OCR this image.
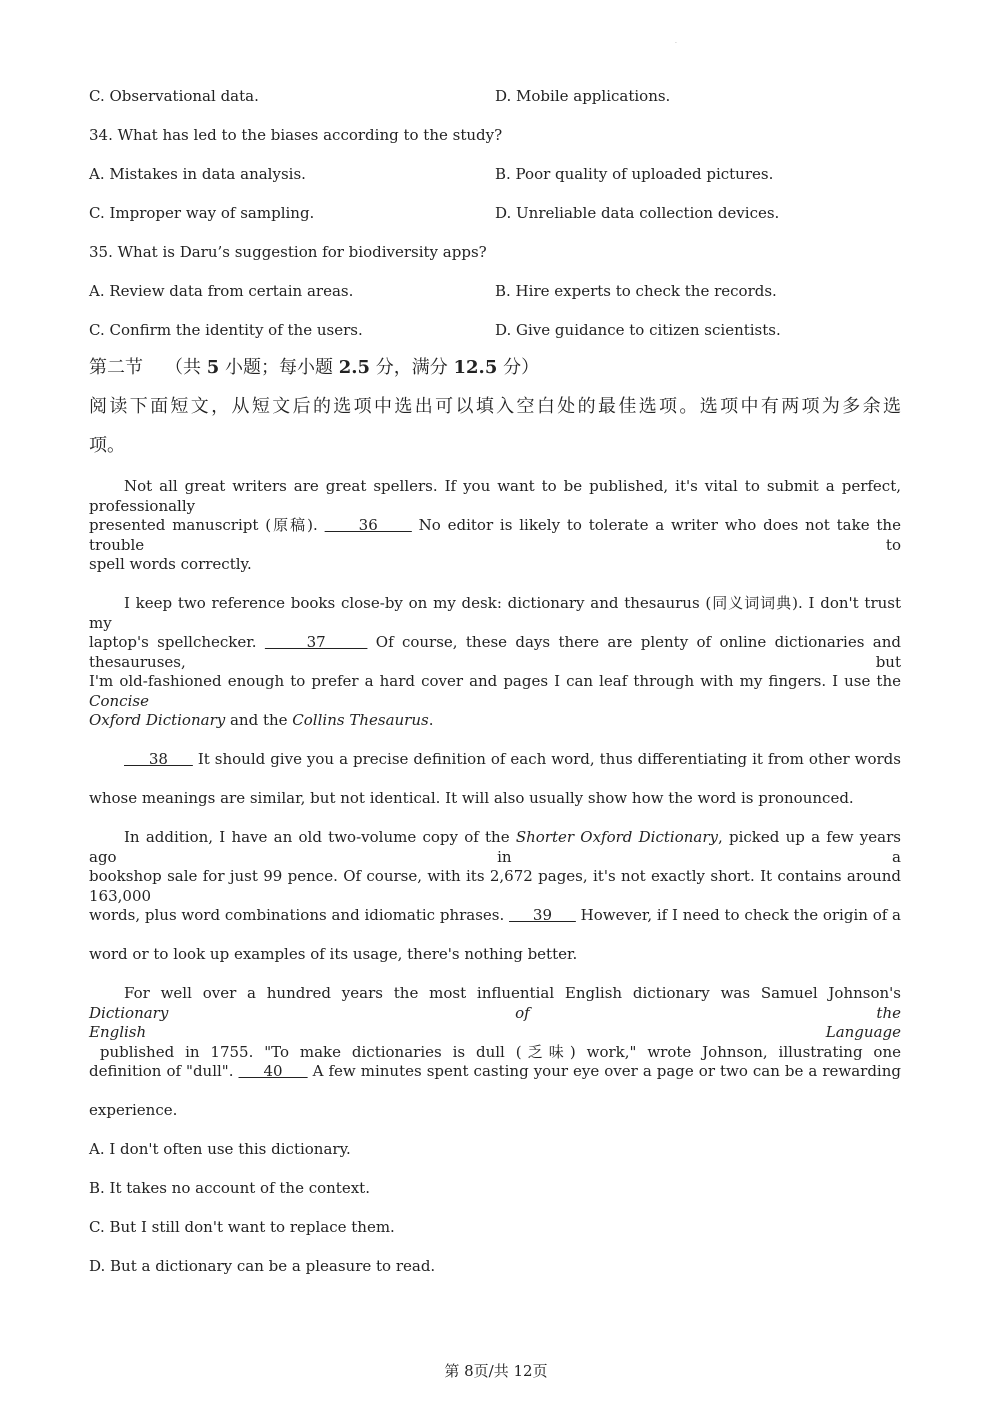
·
C. Observational data.	D. Mobile applications.
34. What has led to the biases according to the study?
A. Mistakes in data analysis.	B. Poor quality of uploaded pictures.
C. Improper way of sampling.	D. Unreliable data collection devices.
35. What is Daru’s suggestion for biodiversity apps?
A. Review data from certain areas.	B. Hire experts to check the records.
C. Confirm the identity of the users.	D. Give guidance to citizen scientists.
第二节 （共 5 小题；每小题 2.5 分，满分 12.5 分）
阅读下面短文，从短文后的选项中选出可以填入空白处的最佳选项。选项中有两项为多余选
项。
Not all great writers are great spellers. If you want to be published, it's vital to submit a perfect, professionally
presented manuscript (原稿).      36      No editor is likely to tolerate a writer who does not take the trouble to
spell words correctly.
I keep two reference books close-by on my desk: dictionary and thesaurus (同义词词典). I don't trust my
laptop's spellchecker.      37      Of course, these days there are plenty of online dictionaries and thesauruses, but
I'm old-fashioned enough to prefer a hard cover and pages I can leaf through with my fingers. I use the Concise
Oxford Dictionary and the Collins Thesaurus.
38      It should give you a precise definition of each word, thus differentiating it from other words
whose meanings are similar, but not identical. It will also usually show how the word is pronounced.
In addition, I have an old two-volume copy of the Shorter Oxford Dictionary, picked up a few years ago in a
bookshop sale for just 99 pence. Of course, with its 2,672 pages, it's not exactly short. It contains around 163,000
words, plus word combinations and idiomatic phrases.      39      However, if I need to check the origin of a
word or to look up examples of its usage, there's nothing better.
For well over a hundred years the most influential English dictionary was Samuel Johnson's Dictionary of the
English Language published in 1755. "To make dictionaries is dull (乏味) work," wrote Johnson, illustrating one
definition of "dull".      40      A few minutes spent casting your eye over a page or two can be a rewarding
experience.
A. I don't often use this dictionary.
B. It takes no account of the context.
C. But I still don't want to replace them.
D. But a dictionary can be a pleasure to read.
第 8页/共 12页
